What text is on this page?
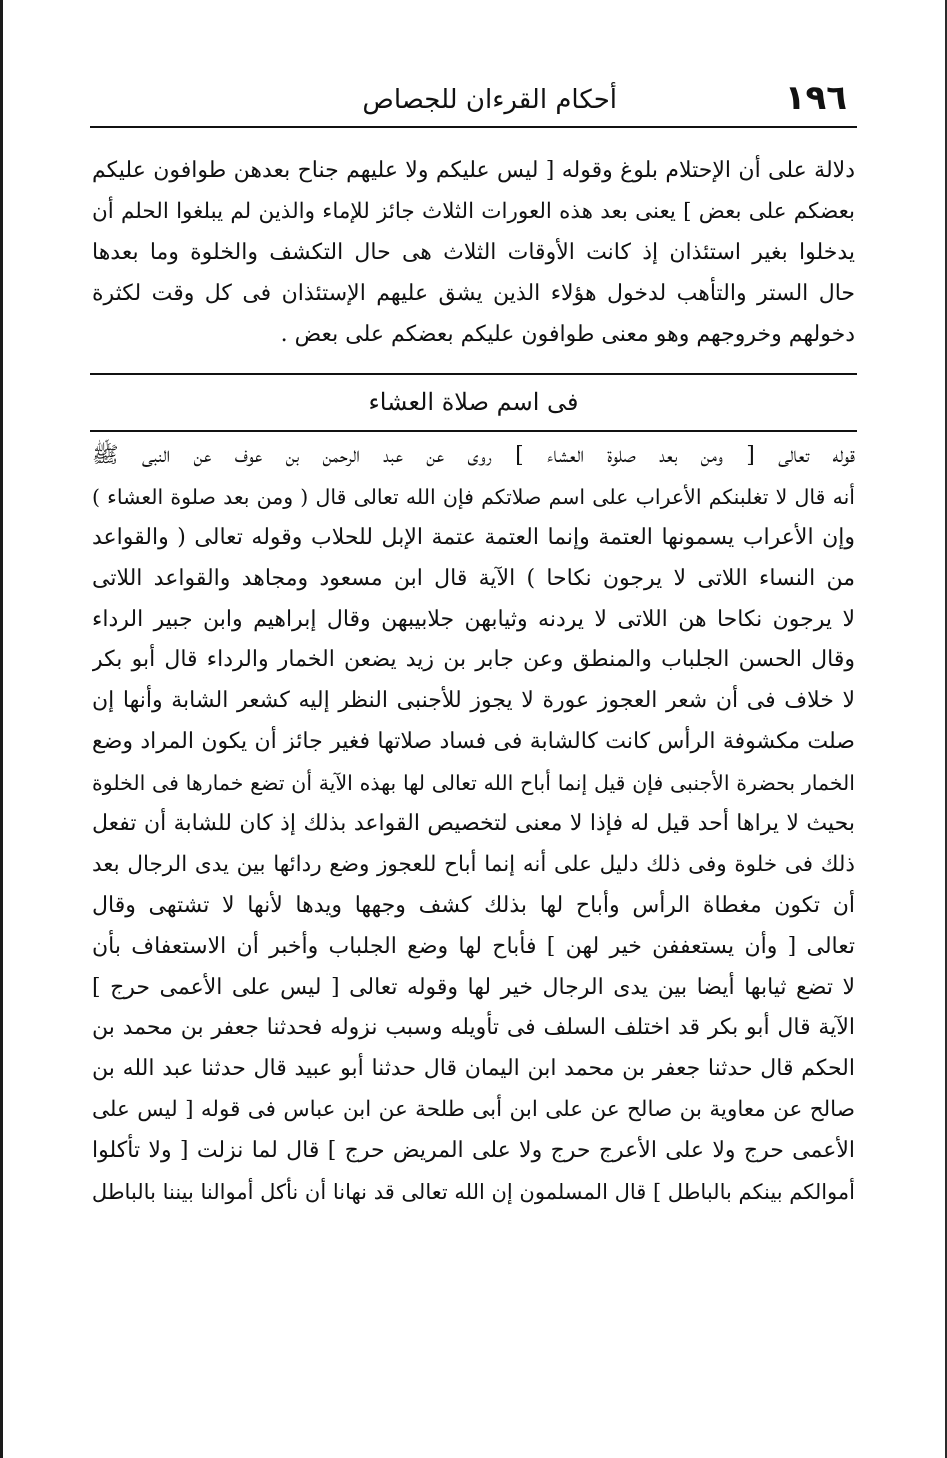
١٩٦
أحكام القرءان للجصاص
دلالة على أن الإحتلام بلوغ وقوله [ ليس عليكم ولا عليهم جناح بعدهن طوافون عليكم
بعضكم على بعض ] يعنى بعد هذه العورات الثلاث جائز للإماء والذين لم يبلغوا الحلم أن
يدخلوا بغير استئذان إذ كانت الأوقات الثلاث هى حال التكشف والخلوة وما بعدها
حال الستر والتأهب لدخول هؤلاء الذين يشق عليهم الإستئذان فى كل وقت لكثرة
دخولهم وخروجهم وهو معنى طوافون عليكم بعضكم على بعض .
فى اسم صلاة العشاء
قوله تعالى [ ومن بعد صلوة العشاء ] روى عن عبد الرحمن بن عوف عن النبى ﷺ
أنه قال لا تغلبنكم الأعراب على اسم صلاتكم فإن الله تعالى قال ( ومن بعد صلوة العشاء )
وإن الأعراب يسمونها العتمة وإنما العتمة عتمة الإبل للحلاب وقوله تعالى ( والقواعد
من النساء اللاتى لا يرجون نكاحا ) الآية قال ابن مسعود ومجاهد والقواعد اللاتى
لا يرجون نكاحا هن اللاتى لا يردنه وثيابهن جلابيبهن وقال إبراهيم وابن جبير الرداء
وقال الحسن الجلباب والمنطق وعن جابر بن زيد يضعن الخمار والرداء قال أبو بكر
لا خلاف فى أن شعر العجوز عورة لا يجوز للأجنبى النظر إليه كشعر الشابة وأنها إن
صلت مكشوفة الرأس كانت كالشابة فى فساد صلاتها فغير جائز أن يكون المراد وضع
الخمار بحضرة الأجنبى فإن قيل إنما أباح الله تعالى لها بهذه الآية أن تضع خمارها فى الخلوة
بحيث لا يراها أحد قيل له فإذا لا معنى لتخصيص القواعد بذلك إذ كان للشابة أن تفعل
ذلك فى خلوة وفى ذلك دليل على أنه إنما أباح للعجوز وضع ردائها بين يدى الرجال بعد
أن تكون مغطاة الرأس وأباح لها بذلك كشف وجهها ويدها لأنها لا تشتهى وقال
تعالى [ وأن يستعففن خير لهن ] فأباح لها وضع الجلباب وأخبر أن الاستعفاف بأن
لا تضع ثيابها أيضا بين يدى الرجال خير لها وقوله تعالى [ ليس على الأعمى حرج ]
الآية قال أبو بكر قد اختلف السلف فى تأويله وسبب نزوله فحدثنا جعفر بن محمد بن
الحكم قال حدثنا جعفر بن محمد ابن اليمان قال حدثنا أبو عبيد قال حدثنا عبد الله بن
صالح عن معاوية بن صالح عن على ابن أبى طلحة عن ابن عباس فى قوله [ ليس على
الأعمى حرج ولا على الأعرج حرج ولا على المريض حرج ] قال لما نزلت [ ولا تأكلوا
أموالكم بينكم بالباطل ] قال المسلمون إن الله تعالى قد نهانا أن نأكل أموالنا بيننا بالباطل
